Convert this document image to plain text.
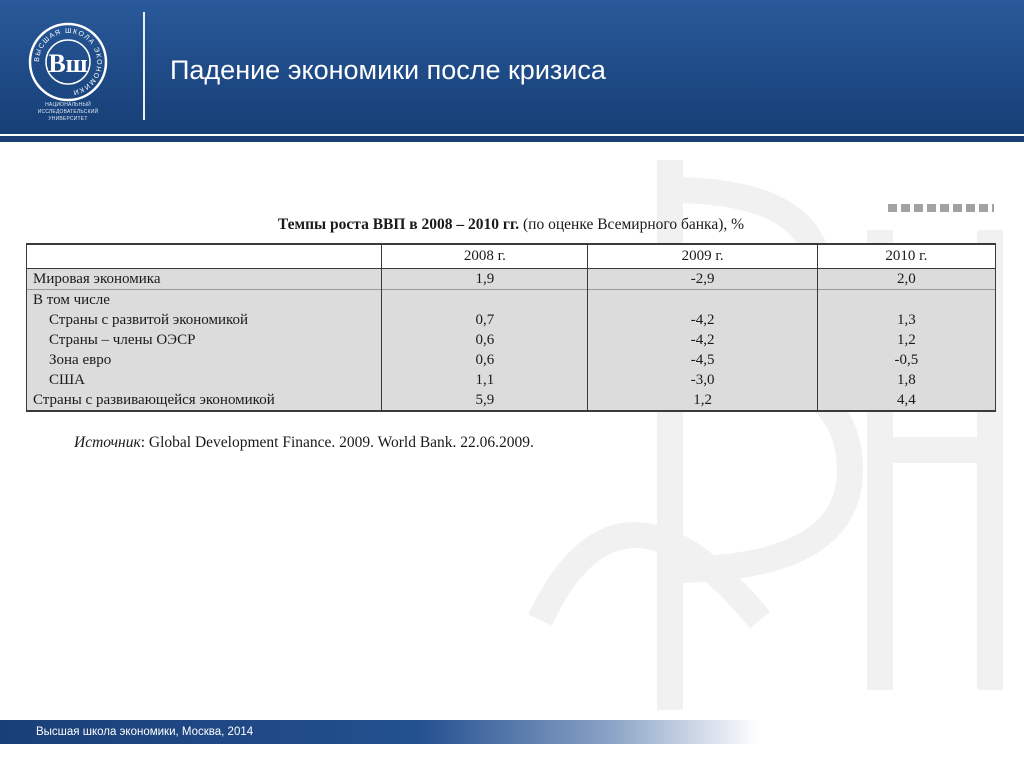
ВЫСШАЯ ШКОЛА ЭКОНОМИКИ
Вш
НАЦИОНАЛЬНЫЙ ИССЛЕДОВАТЕЛЬСКИЙ УНИВЕРСИТЕТ
Падение экономики после кризиса
Темпы роста ВВП в 2008 – 2010 гг. (по оценке Всемирного банка), %
	2008 г.	2009 г.	2010 г.
Мировая экономика	1,9	-2,9	2,0
В том числе			
Страны с развитой экономикой	0,7	-4,2	1,3
Страны – члены ОЭСР	0,6	-4,2	1,2
Зона евро	0,6	-4,5	-0,5
США	1,1	-3,0	1,8
Страны с развивающейся экономикой	5,9	1,2	4,4
Источник: Global Development Finance. 2009. World Bank. 22.06.2009.
Высшая школа экономики, Москва, 2014
